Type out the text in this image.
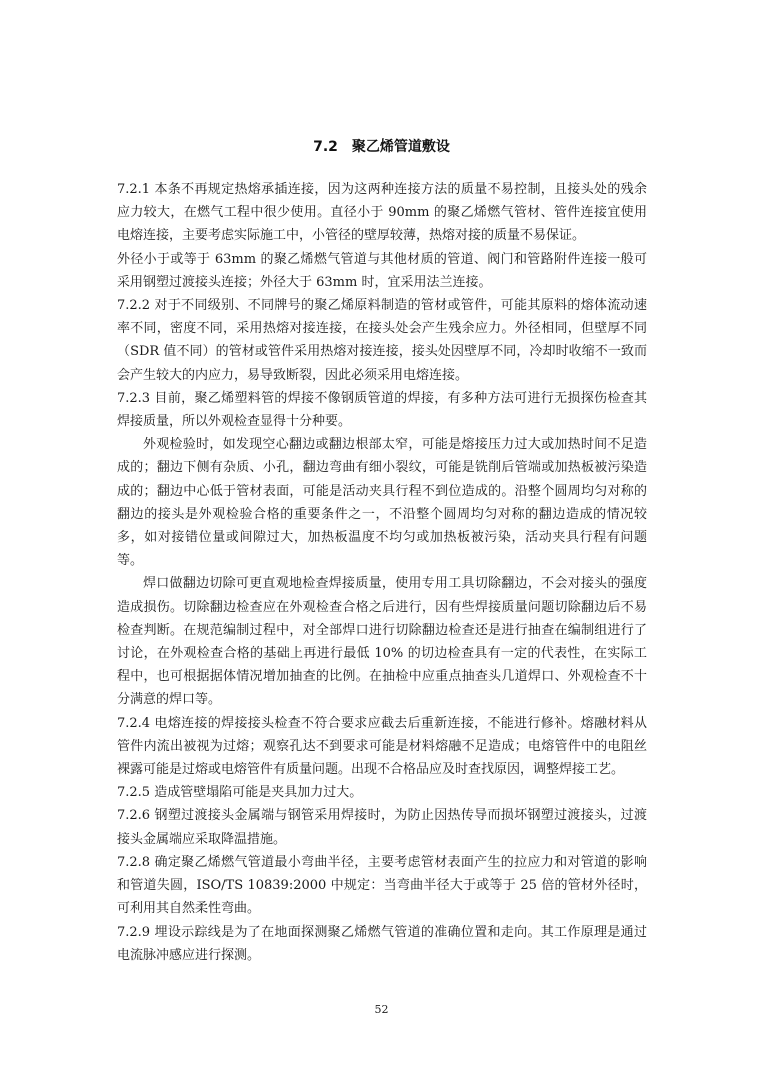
7.2　聚乙烯管道敷设

7.2.1 本条不再规定热熔承插连接，因为这两种连接方法的质量不易控制，且接头处的残余应力较大，在燃气工程中很少使用。直径小于 90mm 的聚乙烯燃气管材、管件连接宜使用电熔连接，主要考虑实际施工中，小管径的壁厚较薄，热熔对接的质量不易保证。

外径小于或等于 63mm 的聚乙烯燃气管道与其他材质的管道、阀门和管路附件连接一般可采用钢塑过渡接头连接；外径大于 63mm 时，宜采用法兰连接。

7.2.2 对于不同级别、不同牌号的聚乙烯原料制造的管材或管件，可能其原料的熔体流动速率不同，密度不同，采用热熔对接连接，在接头处会产生残余应力。外径相同，但壁厚不同（SDR 值不同）的管材或管件采用热熔对接连接，接头处因壁厚不同，冷却时收缩不一致而会产生较大的内应力，易导致断裂，因此必须采用电熔连接。

7.2.3 目前，聚乙烯塑料管的焊接不像钢质管道的焊接，有多种方法可进行无损探伤检查其焊接质量，所以外观检查显得十分种要。

外观检验时，如发现空心翻边或翻边根部太窄，可能是熔接压力过大或加热时间不足造成的；翻边下侧有杂质、小孔，翻边弯曲有细小裂纹，可能是铣削后管端或加热板被污染造成的；翻边中心低于管材表面，可能是活动夹具行程不到位造成的。沿整个圆周均匀对称的翻边的接头是外观检验合格的重要条件之一，不沿整个圆周均匀对称的翻边造成的情况较多，如对接错位量或间隙过大，加热板温度不均匀或加热板被污染，活动夹具行程有问题等。

焊口做翻边切除可更直观地检查焊接质量，使用专用工具切除翻边，不会对接头的强度造成损伤。切除翻边检查应在外观检查合格之后进行，因有些焊接质量问题切除翻边后不易检查判断。在规范编制过程中，对全部焊口进行切除翻边检查还是进行抽查在编制组进行了讨论，在外观检查合格的基础上再进行最低 10% 的切边检查具有一定的代表性，在实际工程中，也可根据据体情况增加抽查的比例。在抽检中应重点抽查头几道焊口、外观检查不十分满意的焊口等。

7.2.4 电熔连接的焊接接头检查不符合要求应截去后重新连接，不能进行修补。熔融材料从管件内流出被视为过熔；观察孔达不到要求可能是材料熔融不足造成；电熔管件中的电阻丝裸露可能是过熔或电熔管件有质量问题。出现不合格品应及时查找原因，调整焊接工艺。

7.2.5 造成管壁塌陷可能是夹具加力过大。

7.2.6 钢塑过渡接头金属端与钢管采用焊接时，为防止因热传导而损坏钢塑过渡接头，过渡接头金属端应采取降温措施。

7.2.8 确定聚乙烯燃气管道最小弯曲半径，主要考虑管材表面产生的拉应力和对管道的影响和管道失圆，ISO/TS 10839:2000 中规定：当弯曲半径大于或等于 25 倍的管材外径时，可利用其自然柔性弯曲。

7.2.9 埋设示踪线是为了在地面探测聚乙烯燃气管道的准确位置和走向。其工作原理是通过电流脉冲感应进行探测。

52
